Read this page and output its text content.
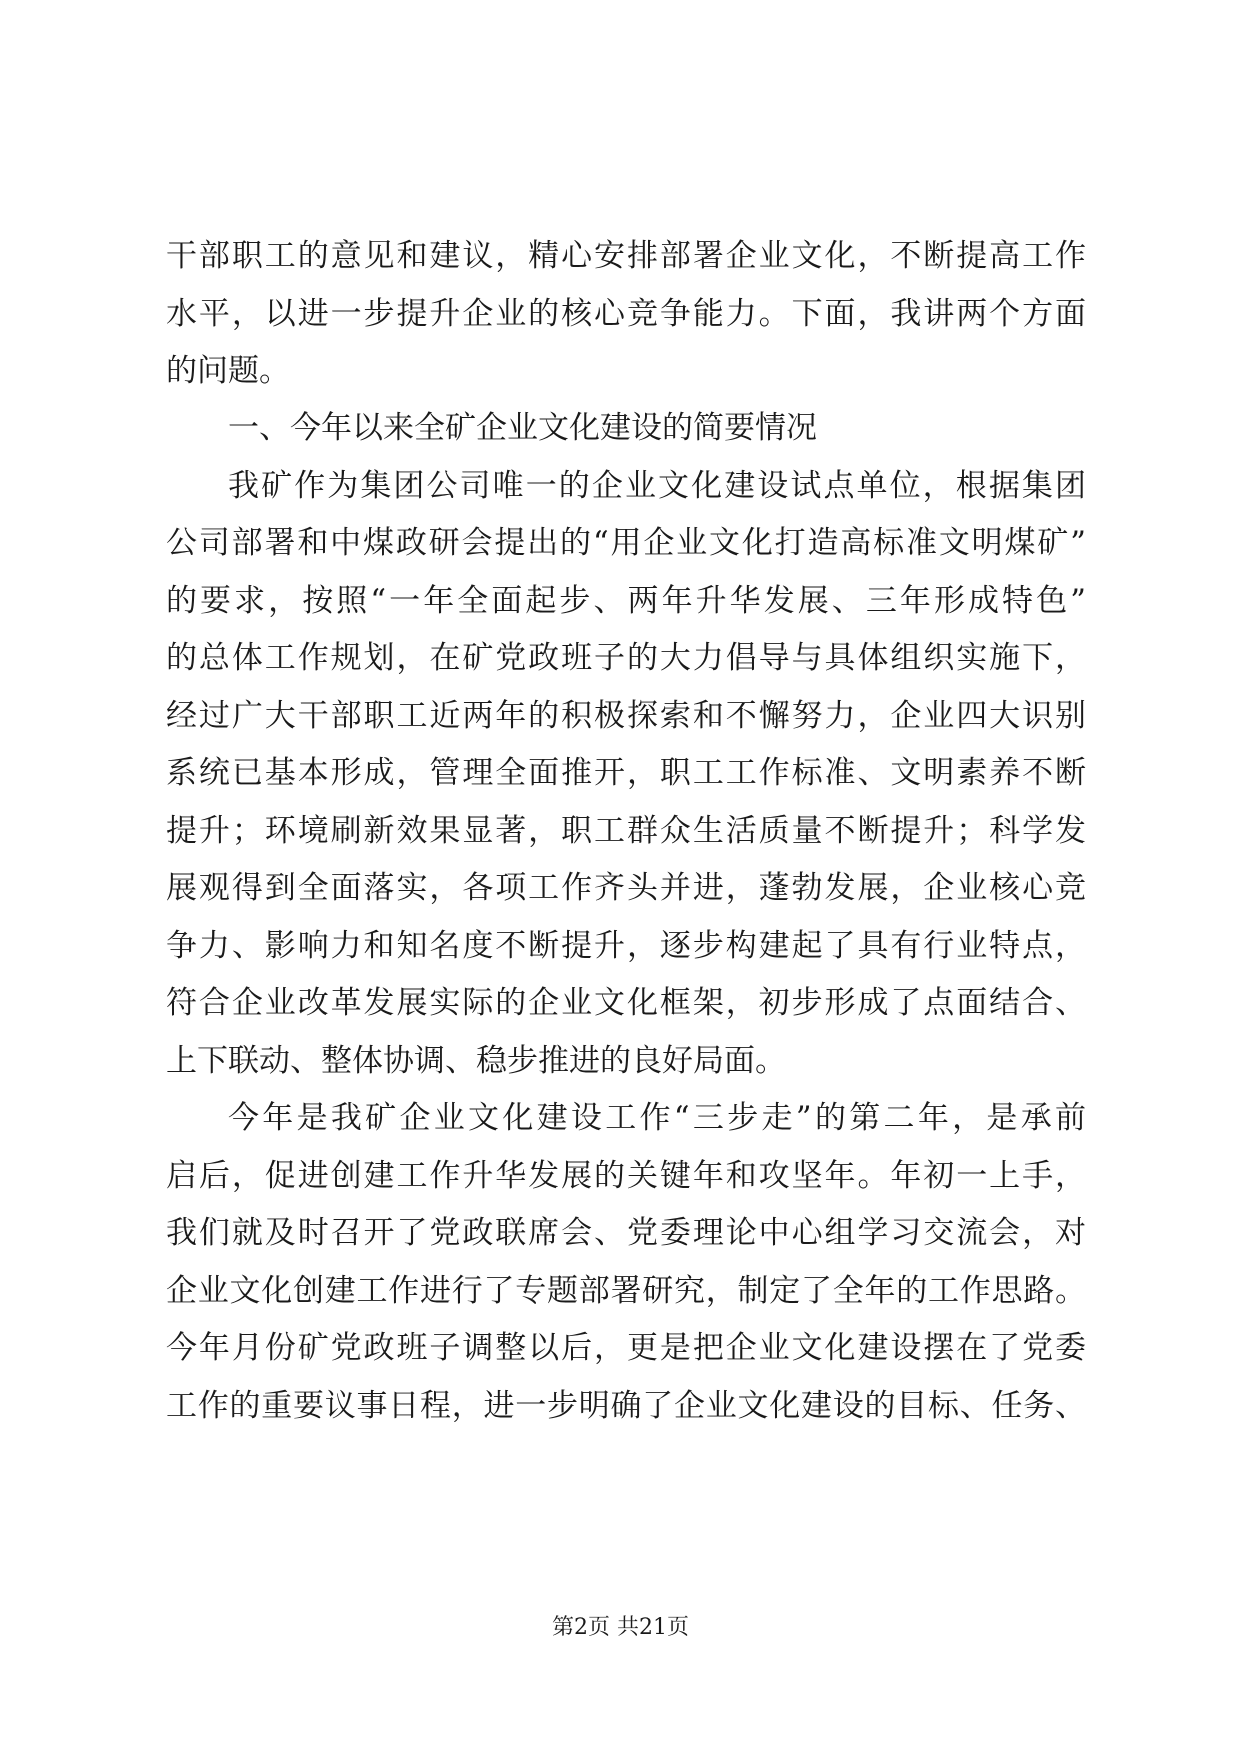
干部职工的意见和建议，精心安排部署企业文化，不断提高工作
水平，以进一步提升企业的核心竞争能力。下面，我讲两个方面
的问题。
一、今年以来全矿企业文化建设的简要情况
我矿作为集团公司唯一的企业文化建设试点单位，根据集团
公司部署和中煤政研会提出的“用企业文化打造高标准文明煤矿”
的要求，按照“一年全面起步、两年升华发展、三年形成特色”
的总体工作规划，在矿党政班子的大力倡导与具体组织实施下，
经过广大干部职工近两年的积极探索和不懈努力，企业四大识别
系统已基本形成，管理全面推开，职工工作标准、文明素养不断
提升；环境刷新效果显著，职工群众生活质量不断提升；科学发
展观得到全面落实，各项工作齐头并进，蓬勃发展，企业核心竞
争力、影响力和知名度不断提升，逐步构建起了具有行业特点，
符合企业改革发展实际的企业文化框架，初步形成了点面结合、
上下联动、整体协调、稳步推进的良好局面。
今年是我矿企业文化建设工作“三步走”的第二年，是承前
启后，促进创建工作升华发展的关键年和攻坚年。年初一上手，
我们就及时召开了党政联席会、党委理论中心组学习交流会，对
企业文化创建工作进行了专题部署研究，制定了全年的工作思路。
今年月份矿党政班子调整以后，更是把企业文化建设摆在了党委
工作的重要议事日程，进一步明确了企业文化建设的目标、任务、
第2页 共21页
